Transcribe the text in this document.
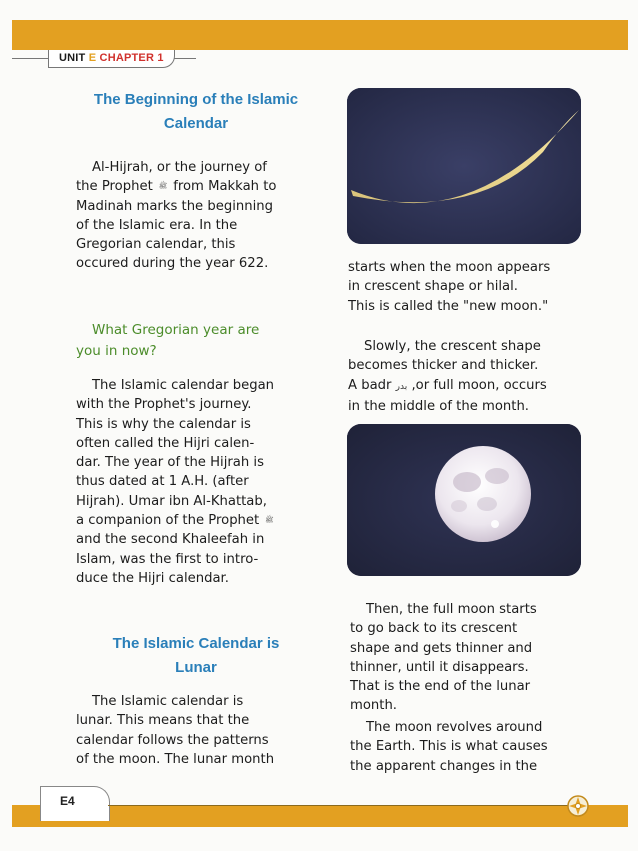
UNIT E CHAPTER 1
The Beginning of the Islamic
Calendar

Al-Hijrah, or the journey of

the Prophet ﷺ from Makkah to

Madinah marks the beginning

of the Islamic era. In the

Gregorian calendar, this

occured during the year 622.

What Gregorian year are
you in now?

The Islamic calendar began

with the Prophet's journey.

This is why the calendar is

often called the Hijri calen-

dar. The year of the Hijrah is

thus dated at 1 A.H. (after

Hijrah). Umar ibn Al-Khattab,

a companion of the Prophet ﷺ

and the second Khaleefah in

Islam, was the first to intro-

duce the Hijri calendar.

The Islamic Calendar is
Lunar

The Islamic calendar is

lunar. This means that the

calendar follows the patterns

of the moon. The lunar month

starts when the moon appears

in crescent shape or hilal.

This is called the "new moon."

Slowly, the crescent shape

becomes thicker and thicker.

A badr بدر ,or full moon, occurs

in the middle of the month.

Then, the full moon starts

to go back to its crescent

shape and gets thinner and

thinner, until it disappears.

That is the end of the lunar

month.

The moon revolves around

the Earth. This is what causes

the apparent changes in the

E4
